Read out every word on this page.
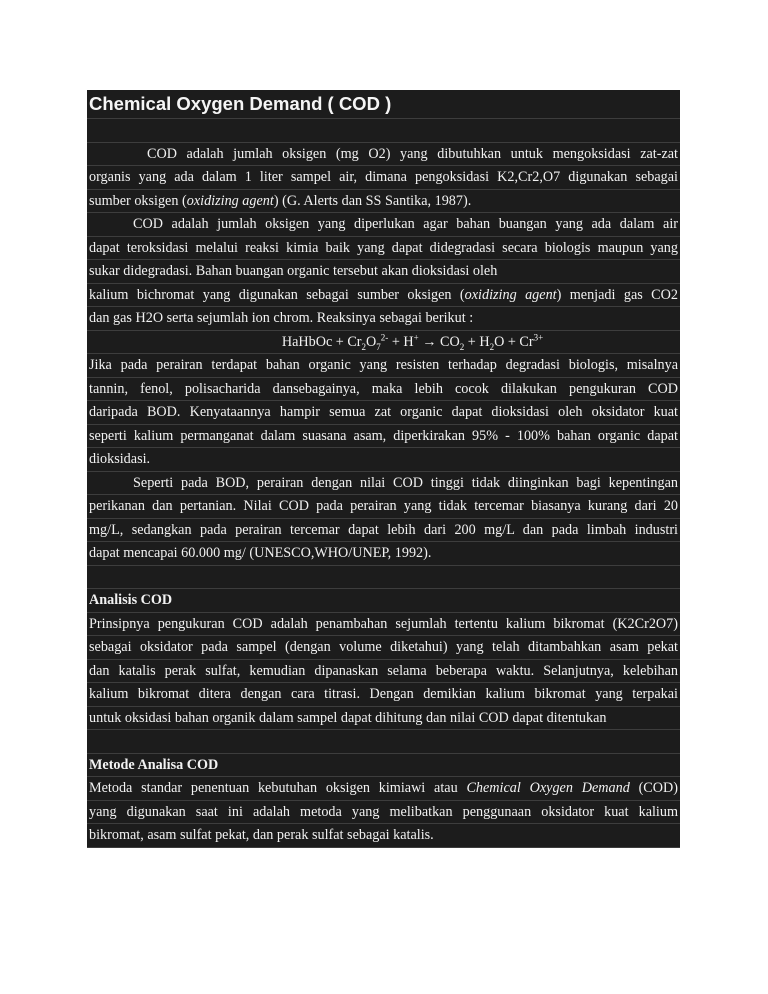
Chemical Oxygen Demand ( COD )
COD adalah jumlah oksigen (mg O2) yang dibutuhkan untuk mengoksidasi zat-zat
organis yang ada dalam 1 liter sampel air, dimana pengoksidasi K2,Cr2,O7 digunakan sebagai
sumber oksigen (oxidizing agent) (G. Alerts dan SS Santika, 1987).
COD adalah jumlah oksigen yang diperlukan agar bahan buangan yang ada dalam air
dapat teroksidasi melalui reaksi kimia baik yang dapat didegradasi secara biologis maupun yang
sukar didegradasi. Bahan buangan organic tersebut akan dioksidasi oleh
kalium bichromat yang digunakan sebagai sumber oksigen (oxidizing agent) menjadi gas CO2
dan gas H2O serta sejumlah ion chrom. Reaksinya sebagai berikut :
HaHbOc + $Cr_2O_7^{2-} + H^+ \to CO_2 + H_2O + Cr^{3+}$
Jika pada perairan terdapat bahan organic yang resisten terhadap degradasi biologis, misalnya
tannin, fenol, polisacharida dansebagainya, maka lebih cocok dilakukan pengukuran COD
daripada BOD. Kenyataannya hampir semua zat organic dapat dioksidasi oleh oksidator kuat
seperti kalium permanganat dalam suasana asam, diperkirakan 95% - 100% bahan organic dapat
dioksidasi.
Seperti pada BOD, perairan dengan nilai COD tinggi tidak diinginkan bagi kepentingan
perikanan dan pertanian. Nilai COD pada perairan yang tidak tercemar biasanya kurang dari 20
mg/L, sedangkan pada perairan tercemar dapat lebih dari 200 mg/L dan pada limbah industri
dapat mencapai 60.000 mg/ (UNESCO,WHO/UNEP, 1992).
Analisis COD
Prinsipnya pengukuran COD adalah penambahan sejumlah tertentu kalium bikromat (K2Cr2O7)
sebagai oksidator pada sampel (dengan volume diketahui) yang telah ditambahkan asam pekat
dan katalis perak sulfat, kemudian dipanaskan selama beberapa waktu. Selanjutnya, kelebihan
kalium bikromat ditera dengan cara titrasi. Dengan demikian kalium bikromat yang terpakai
untuk oksidasi bahan organik dalam sampel dapat dihitung dan nilai COD dapat ditentukan
Metode Analisa COD
Metoda standar penentuan kebutuhan oksigen kimiawi atau Chemical Oxygen Demand (COD)
yang digunakan saat ini adalah metoda yang melibatkan penggunaan oksidator kuat kalium
bikromat, asam sulfat pekat, dan perak sulfat sebagai katalis.
